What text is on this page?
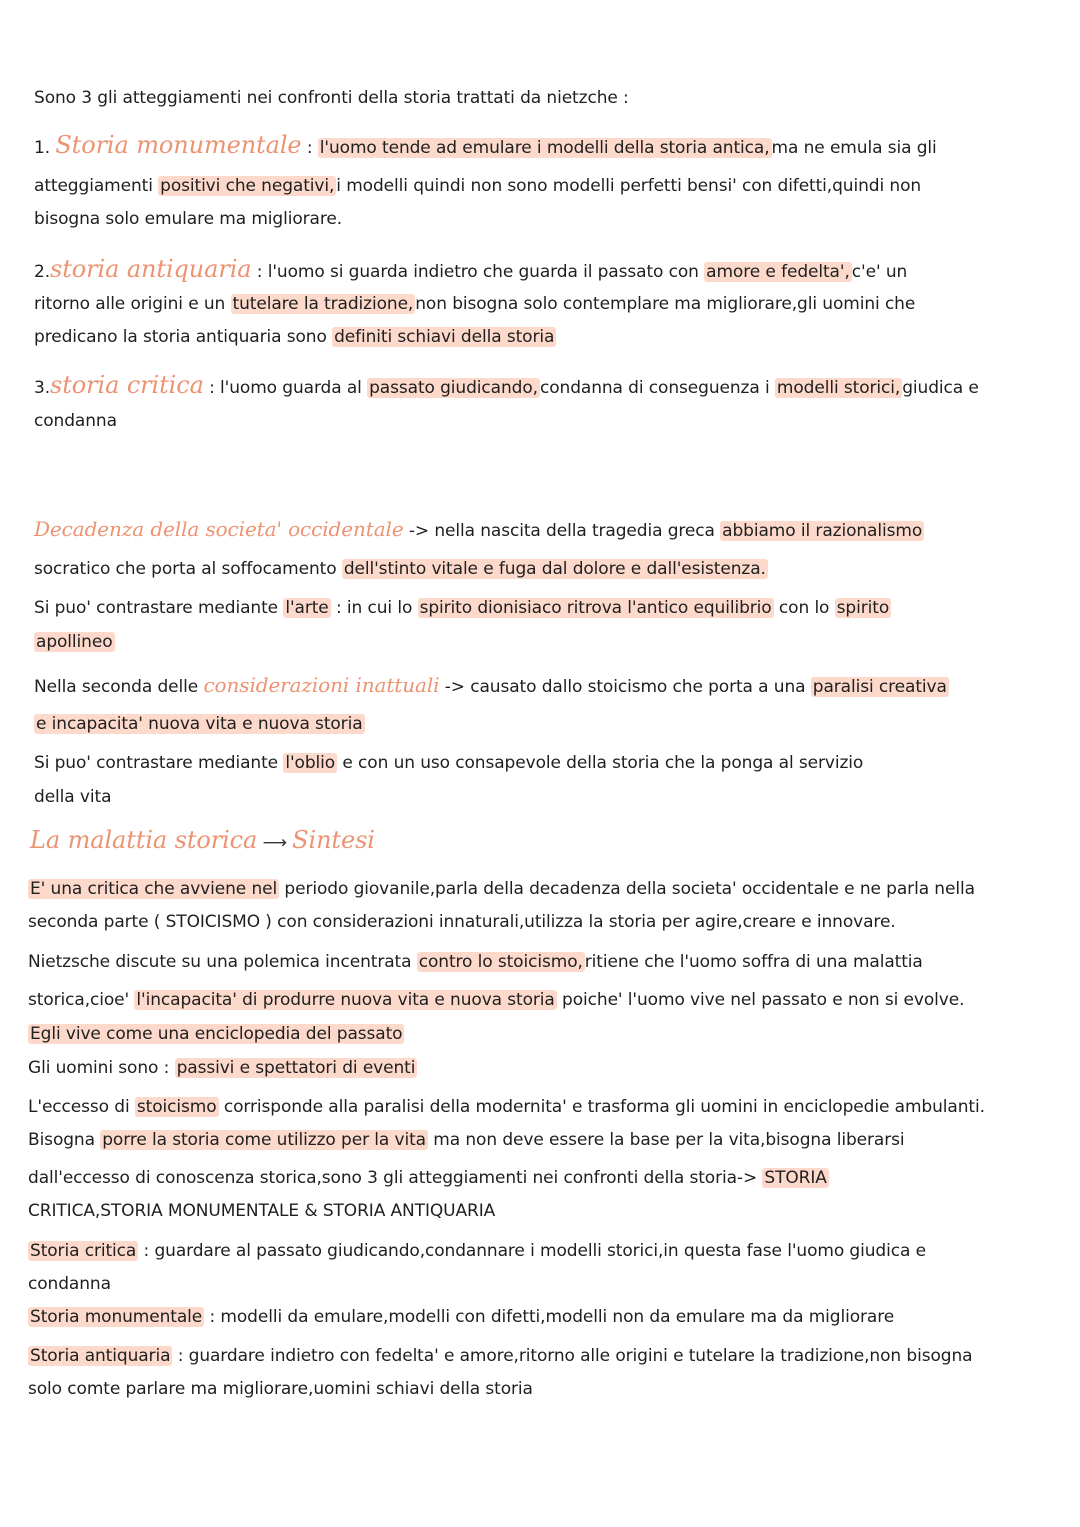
Sono 3 gli atteggiamenti nei confronti della storia trattati da nietzche :
1. Storia monumentale : l'uomo tende ad emulare i modelli della storia antica, ma ne emula sia gli
atteggiamenti positivi che negativi, i modelli quindi non sono modelli perfetti bensi' con difetti,quindi non
bisogna solo emulare ma migliorare.
2.storia antiquaria : l'uomo si guarda indietro che guarda il passato con amore e fedelta', c'e' un
ritorno alle origini e un tutelare la tradizione, non bisogna solo contemplare ma migliorare,gli uomini che
predicano la storia antiquaria sono definiti schiavi della storia
3.storia critica : l'uomo guarda al passato giudicando, condanna di conseguenza i modelli storici, giudica e
condanna
Decadenza della societa' occidentale -> nella nascita della tragedia greca abbiamo il razionalismo
socratico che porta al soffocamento dell'stinto vitale e fuga dal dolore e dall'esistenza.
Si puo' contrastare mediante l'arte : in cui lo spirito dionisiaco ritrova l'antico equilibrio con lo spirito
apollineo
Nella seconda delle considerazioni inattuali -> causato dallo stoicismo che porta a una paralisi creativa
e incapacita' nuova vita e nuova storia
Si puo' contrastare mediante l'oblio e con un uso consapevole della storia che la ponga al servizio
della vita
La malattia storica ⟶ Sintesi
E' una critica che avviene nel periodo giovanile,parla della decadenza della societa' occidentale e ne parla nella
seconda parte ( STOICISMO ) con considerazioni innaturali,utilizza la storia per agire,creare e innovare.
Nietzsche discute su una polemica incentrata contro lo stoicismo, ritiene che l'uomo soffra di una malattia
storica,cioe' l'incapacita' di produrre nuova vita e nuova storia poiche' l'uomo vive nel passato e non si evolve.
Egli vive come una enciclopedia del passato
Gli uomini sono : passivi e spettatori di eventi
L'eccesso di stoicismo corrisponde alla paralisi della modernita' e trasforma gli uomini in enciclopedie ambulanti.
Bisogna porre la storia come utilizzo per la vita ma non deve essere la base per la vita,bisogna liberarsi
dall'eccesso di conoscenza storica,sono 3 gli atteggiamenti nei confronti della storia-> STORIA
CRITICA,STORIA MONUMENTALE & STORIA ANTIQUARIA
Storia critica : guardare al passato giudicando,condannare i modelli storici,in questa fase l'uomo giudica e
condanna
Storia monumentale : modelli da emulare,modelli con difetti,modelli non da emulare ma da migliorare
Storia antiquaria : guardare indietro con fedelta' e amore,ritorno alle origini e tutelare la tradizione,non bisogna
solo comte parlare ma migliorare,uomini schiavi della storia
